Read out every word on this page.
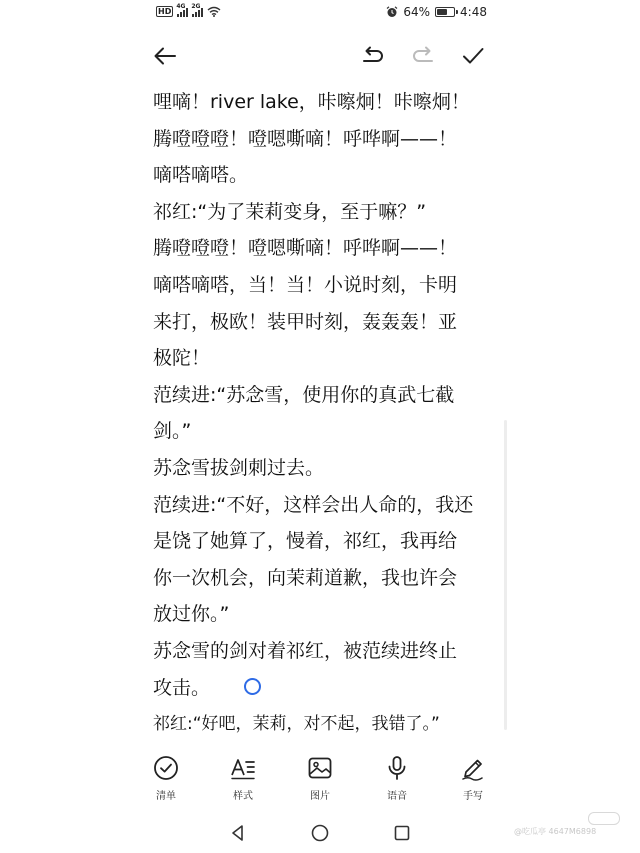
HD
4G 2G	64%	4:48
哩嘀！river lake，咔嚓炯！咔嚓炯！
腾噔噔噔！噔嗯嘶嘀！呼哗啊——！
嘀嗒嘀嗒。
祁红:“为了茉莉变身，至于嘛？”
腾噔噔噔！噔嗯嘶嘀！呼哗啊——！
嘀嗒嘀嗒，当！当！小说时刻，卡明
来打，极欧！装甲时刻，轰轰轰！亚
极陀！
范续进:“苏念雪，使用你的真武七截
剑。”
苏念雪拔剑刺过去。
范续进:“不好，这样会出人命的，我还
是饶了她算了，慢着，祁红，我再给
你一次机会，向茉莉道歉，我也许会
放过你。”
苏念雪的剑对着祁红，被范续进终止
攻击。
祁红:“好吧，茉莉，对不起，我错了。”
清单	样式	图片	语音	手写
@吃瓜亭 4647M6898
